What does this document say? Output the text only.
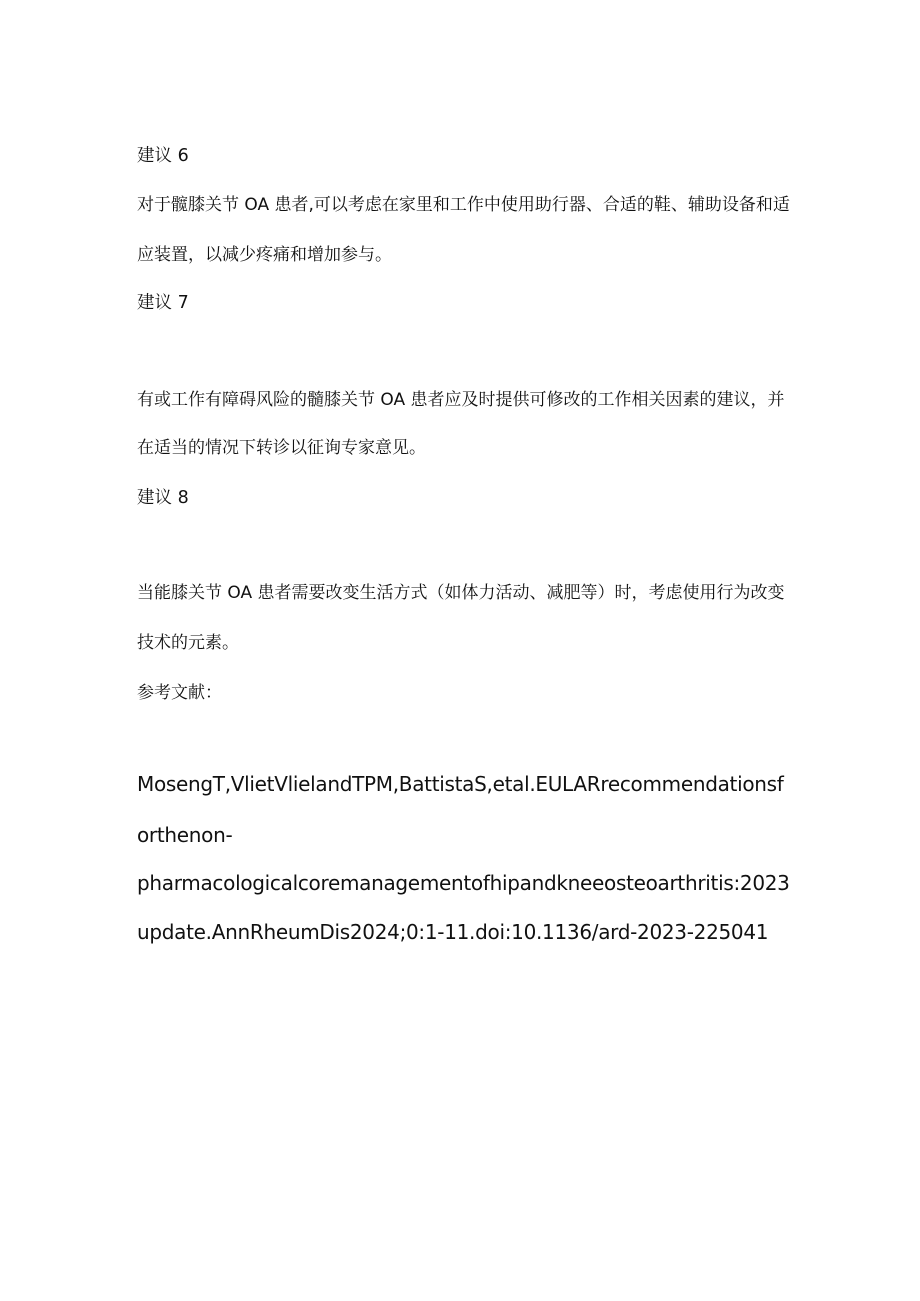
建议 6
对于髋膝关节 OA 患者,可以考虑在家里和工作中使用助行器、合适的鞋、辅助设备和适
应装置，以减少疼痛和增加参与。
建议 7
有或工作有障碍风险的髓膝关节 OA 患者应及时提供可修改的工作相关因素的建议，并
在适当的情况下转诊以征询专家意见。
建议 8
当能膝关节 OA 患者需要改变生活方式（如体力活动、减肥等）时，考虑使用行为改变
技术的元素。
参考文献：
MosengT,VlietVlielandTPM,BattistaS,etal.EULARrecommendationsf
orthenon-
pharmacologicalcoremanagementofhipandkneeosteoarthritis:2023
update.AnnRheumDis2024;0:1-11.doi:10.1136/ard-2023-225041
